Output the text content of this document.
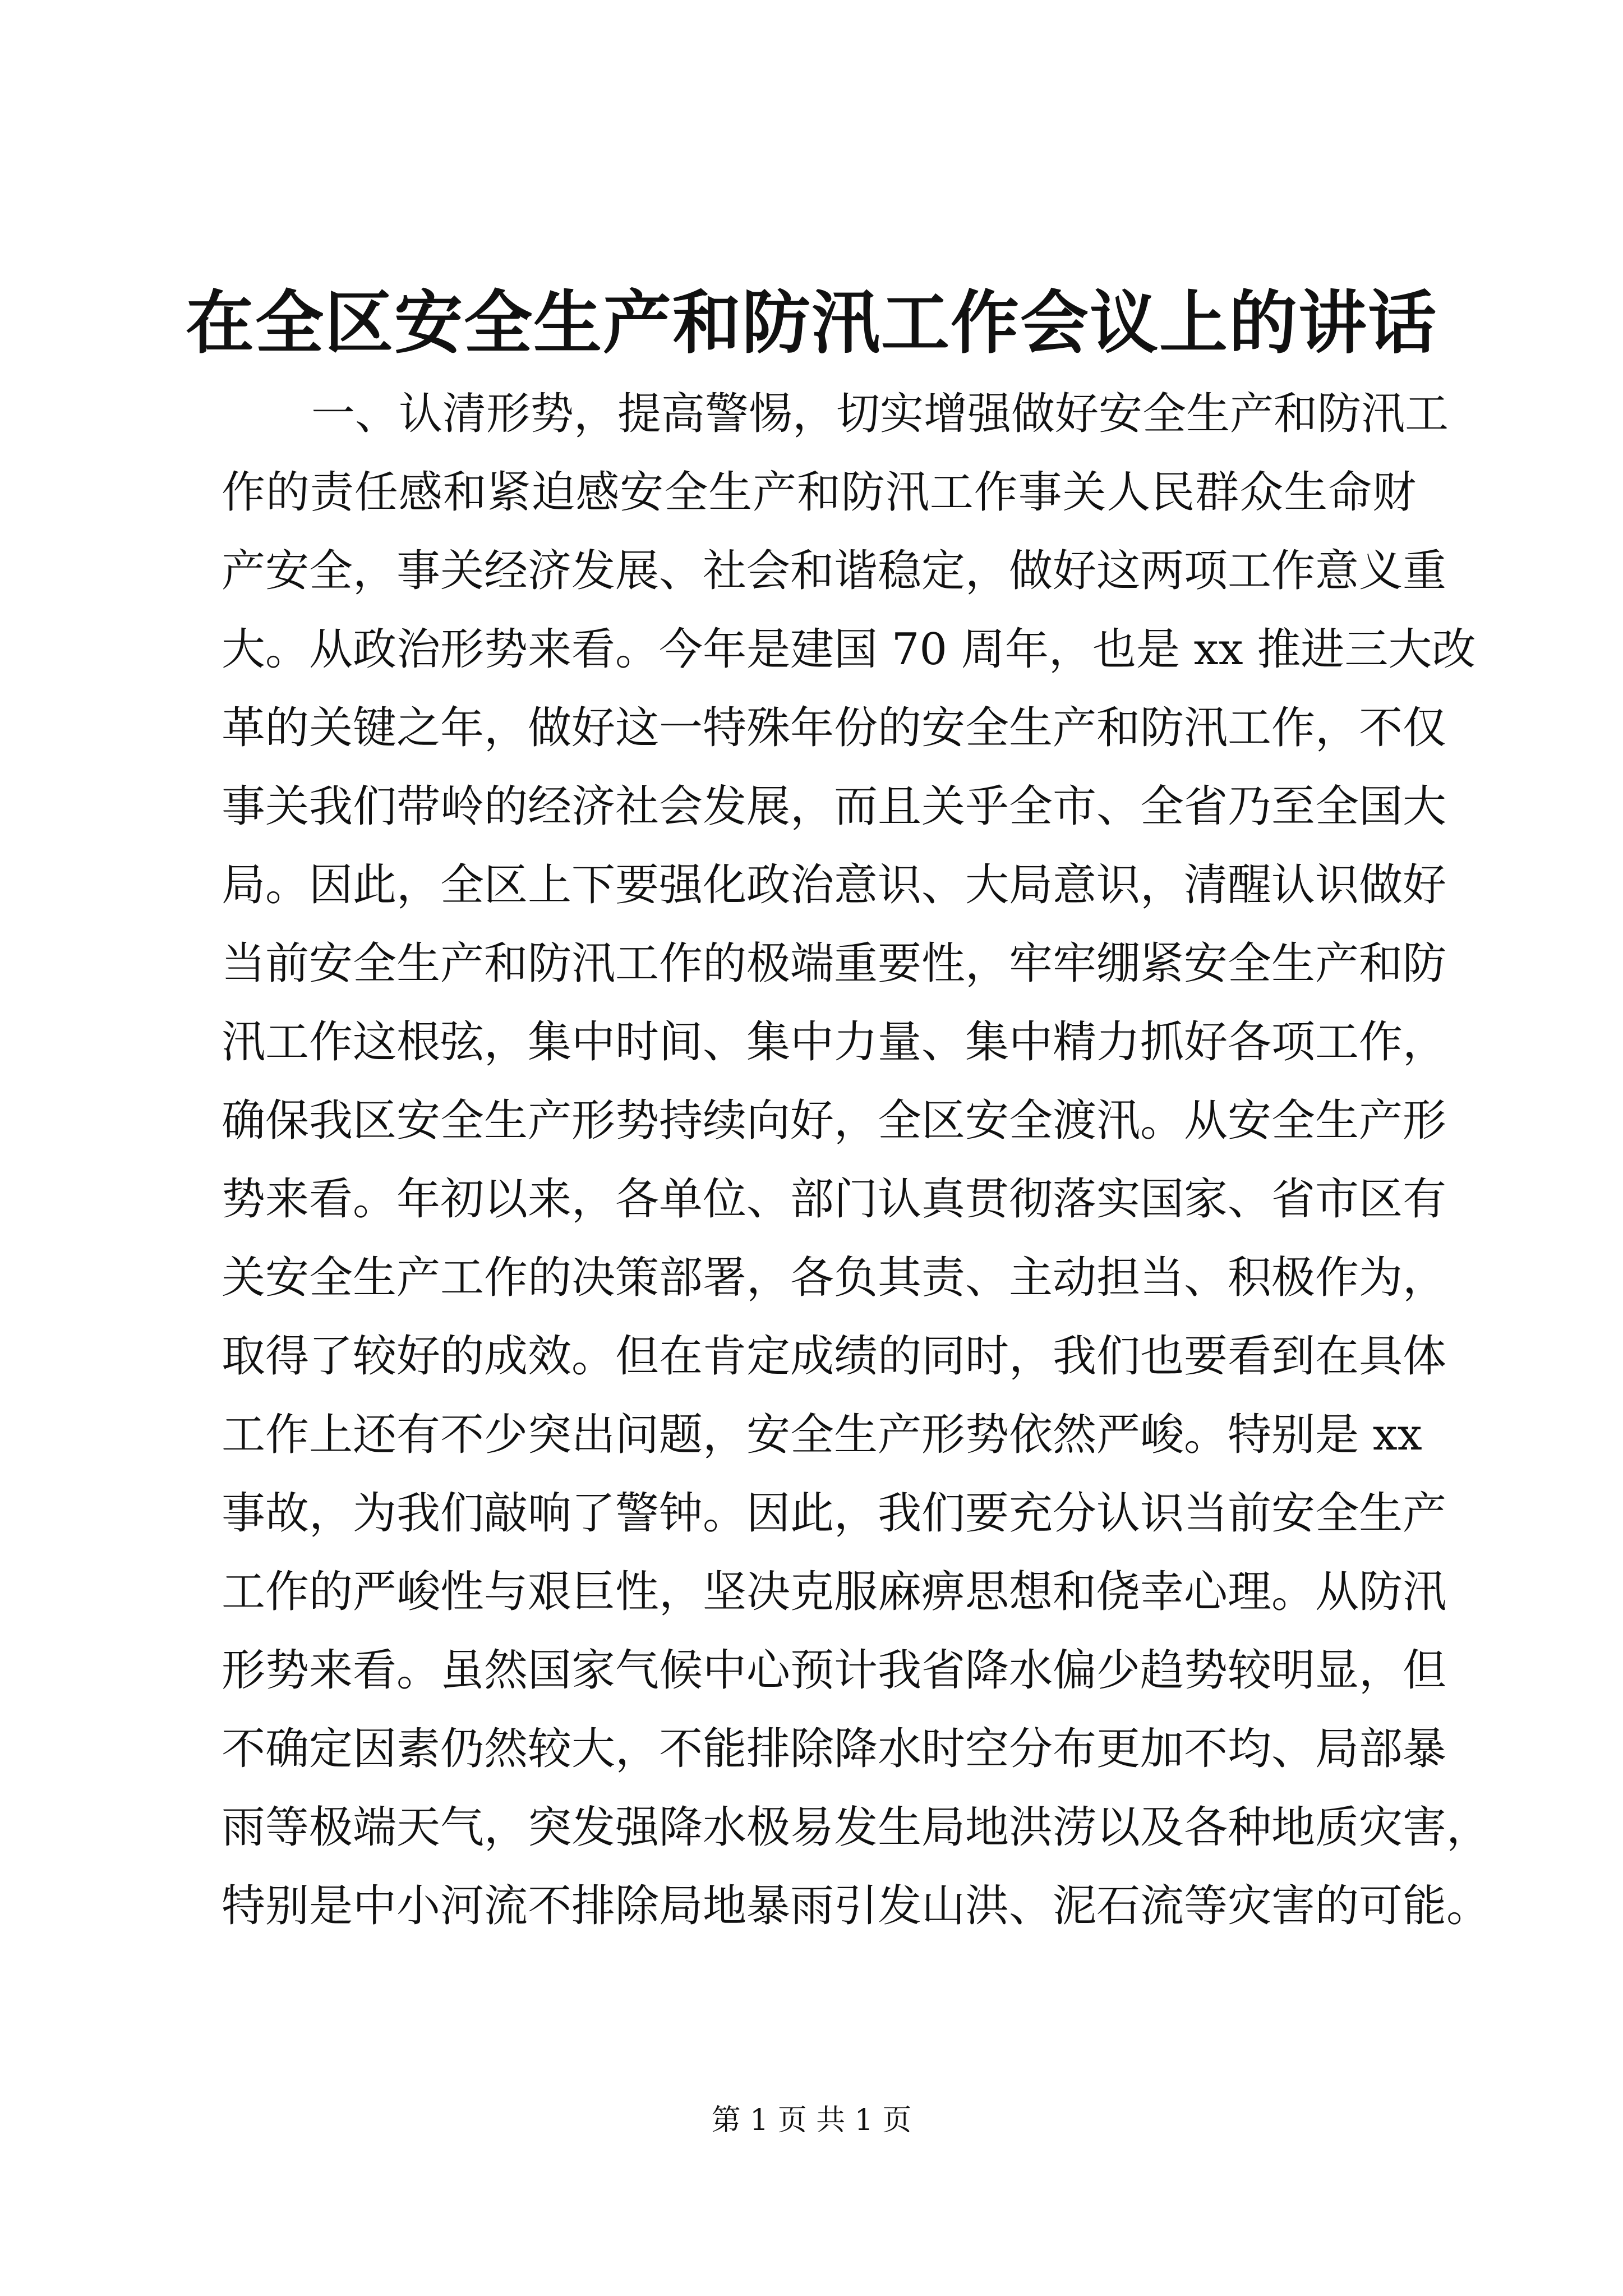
在全区安全生产和防汛工作会议上的讲话
一、认清形势，提高警惕，切实增强做好安全生产和防汛工
作的责任感和紧迫感安全生产和防汛工作事关人民群众生命财
产安全，事关经济发展、社会和谐稳定，做好这两项工作意义重
大。从政治形势来看。今年是建国 70 周年，也是 xx 推进三大改
革的关键之年，做好这一特殊年份的安全生产和防汛工作，不仅
事关我们带岭的经济社会发展，而且关乎全市、全省乃至全国大
局。因此，全区上下要强化政治意识、大局意识，清醒认识做好
当前安全生产和防汛工作的极端重要性，牢牢绷紧安全生产和防
汛工作这根弦，集中时间、集中力量、集中精力抓好各项工作，
确保我区安全生产形势持续向好，全区安全渡汛。从安全生产形
势来看。年初以来，各单位、部门认真贯彻落实国家、省市区有
关安全生产工作的决策部署，各负其责、主动担当、积极作为，
取得了较好的成效。但在肯定成绩的同时，我们也要看到在具体
工作上还有不少突出问题，安全生产形势依然严峻。特别是 xx
事故，为我们敲响了警钟。因此，我们要充分认识当前安全生产
工作的严峻性与艰巨性，坚决克服麻痹思想和侥幸心理。从防汛
形势来看。虽然国家气候中心预计我省降水偏少趋势较明显，但
不确定因素仍然较大，不能排除降水时空分布更加不均、局部暴
雨等极端天气，突发强降水极易发生局地洪涝以及各种地质灾害，
特别是中小河流不排除局地暴雨引发山洪、泥石流等灾害的可能。
第 1 页 共 1 页
